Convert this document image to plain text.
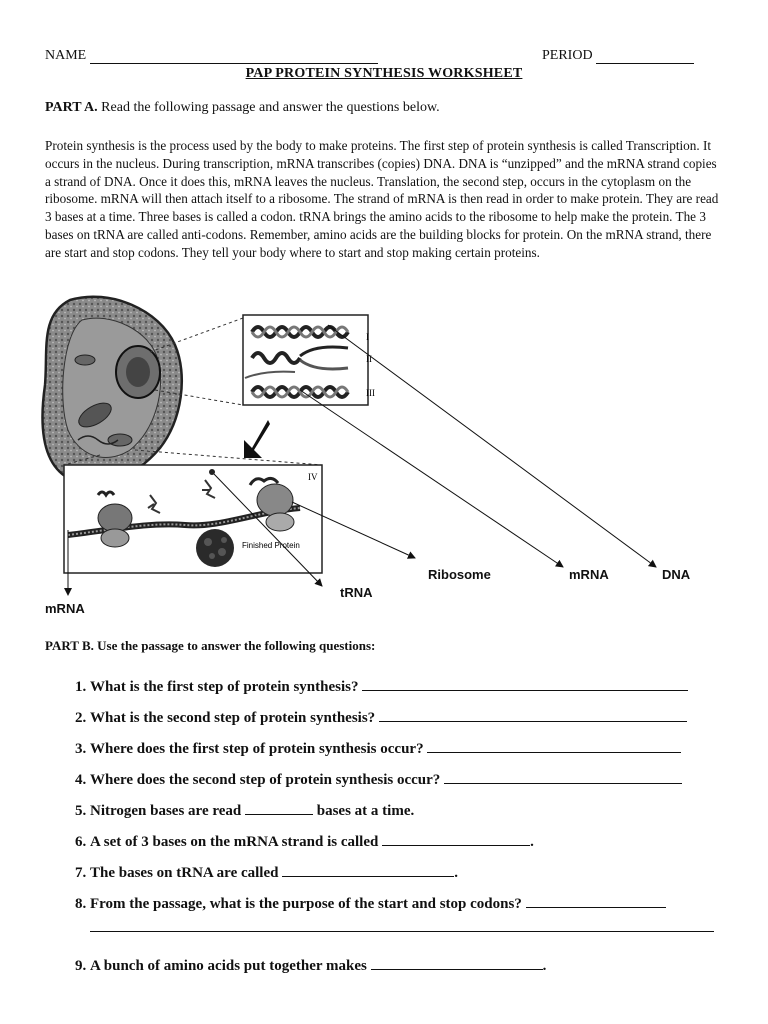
NAME	PERIOD
PAP PROTEIN SYNTHESIS WORKSHEET
PART A. Read the following passage and answer the questions below.

Protein synthesis is the process used by the body to make proteins. The first step of protein synthesis is called Transcription. It occurs in the nucleus. During transcription, mRNA transcribes (copies) DNA. DNA is “unzipped” and the mRNA strand copies a strand of DNA. Once it does this, mRNA leaves the nucleus. Translation, the second step, occurs in the cytoplasm on the ribosome. mRNA will then attach itself to a ribosome. The strand of mRNA is then read in order to make protein. They are read 3 bases at a time. Three bases is called a codon. tRNA brings the amino acids to the ribosome to help make the protein. The 3 bases on tRNA are called anti-codons. Remember, amino acids are the building blocks for protein. On the mRNA strand, there are start and stop codons. They tell your body where to start and stop making certain proteins.

I
II
III
IV
Finished Protein
Ribosome	mRNA	DNA
tRNA
mRNA
PART B. Use the passage to answer the following questions:
1. What is the first step of protein synthesis?
2. What is the second step of protein synthesis?
3. Where does the first step of protein synthesis occur?
4. Where does the second step of protein synthesis occur?
5. Nitrogen bases are read	bases at a time.
6. A set of 3 bases on the mRNA strand is called	.
7. The bases on tRNA are called	.
8. From the passage, what is the purpose of the start and stop codons?
9. A bunch of amino acids put together makes	.
